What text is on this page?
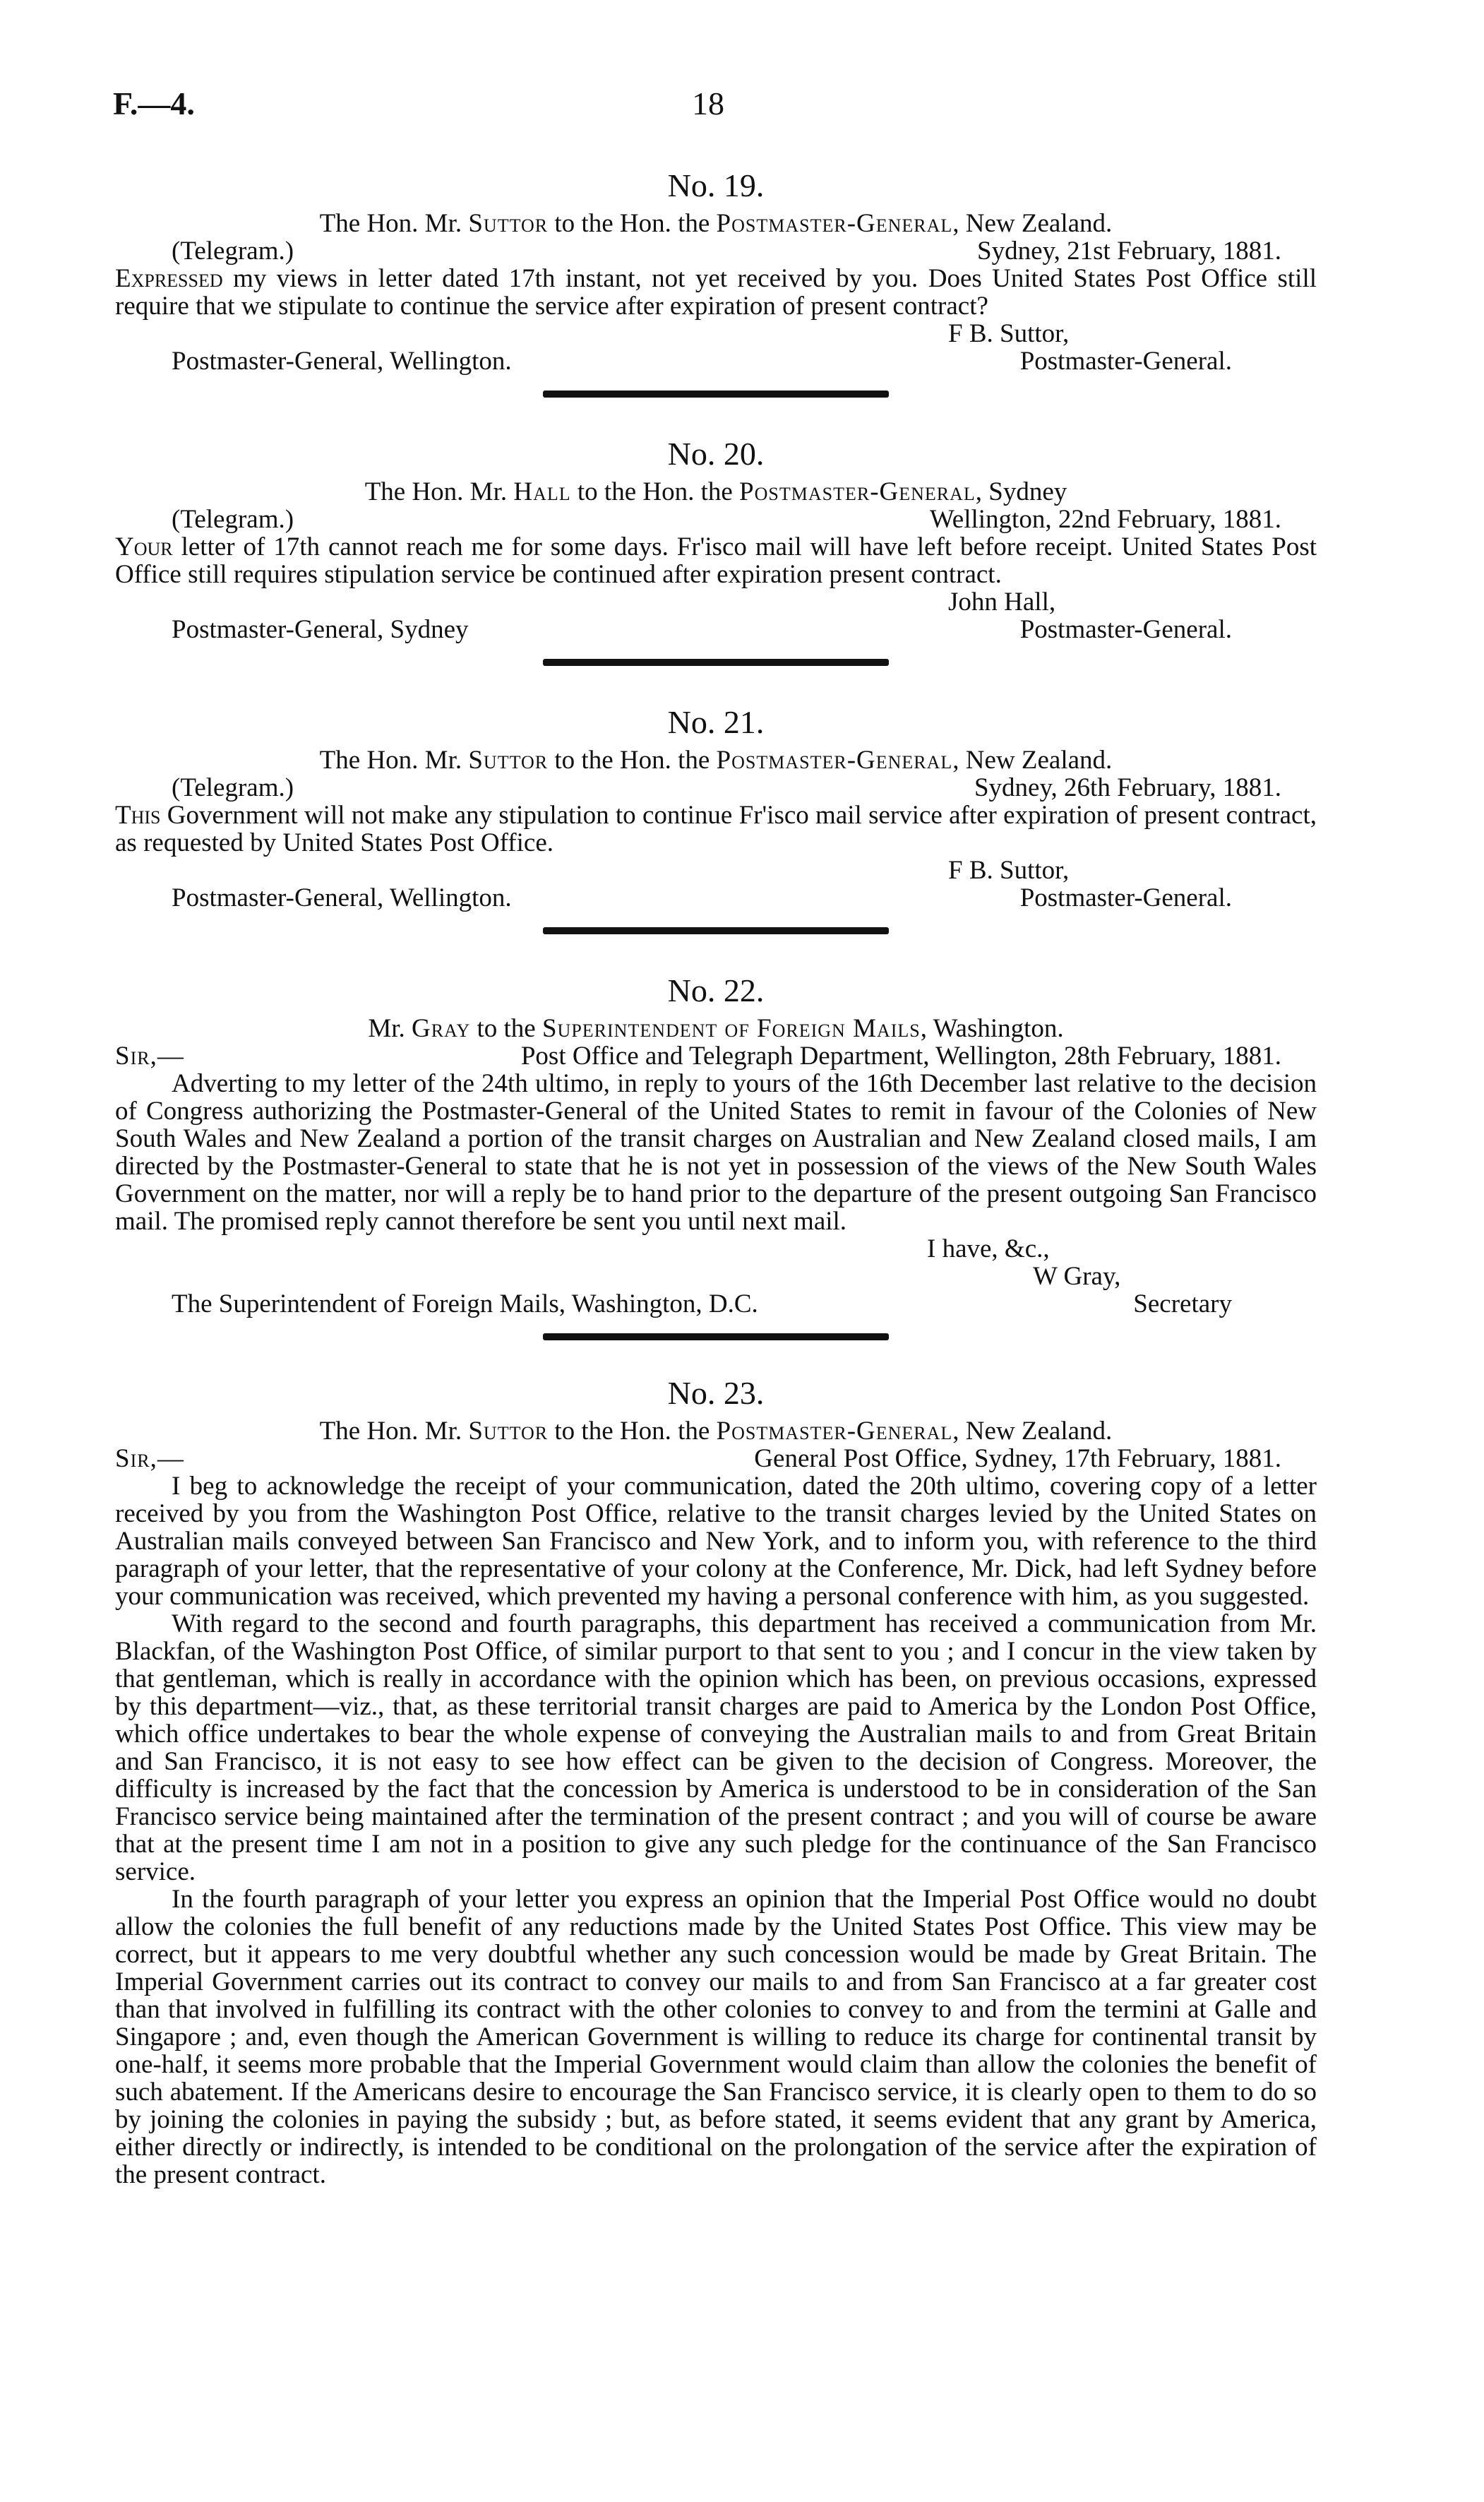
F.—4.	18
No. 19.
The Hon. Mr. Suttor to the Hon. the Postmaster-General, New Zealand.
(Telegram.)	Sydney, 21st February, 1881.

Expressed my views in letter dated 17th instant, not yet received by you. Does United States Post Office still require that we stipulate to continue the service after expiration of present contract?

F B. Suttor,
Postmaster-General, Wellington.	Postmaster-General.
No. 20.
The Hon. Mr. Hall to the Hon. the Postmaster-General, Sydney
(Telegram.)	Wellington, 22nd February, 1881.

Your letter of 17th cannot reach me for some days. Fr'isco mail will have left before receipt. United States Post Office still requires stipulation service be continued after expiration present contract.

John Hall,
Postmaster-General, Sydney	Postmaster-General.
No. 21.
The Hon. Mr. Suttor to the Hon. the Postmaster-General, New Zealand.
(Telegram.)	Sydney, 26th February, 1881.

This Government will not make any stipulation to continue Fr'isco mail service after expiration of present contract, as requested by United States Post Office.

F B. Suttor,
Postmaster-General, Wellington.	Postmaster-General.
No. 22.
Mr. Gray to the Superintendent of Foreign Mails, Washington.
Sir,—	Post Office and Telegraph Department, Wellington, 28th February, 1881.

Adverting to my letter of the 24th ultimo, in reply to yours of the 16th December last relative to the decision of Congress authorizing the Postmaster-General of the United States to remit in favour of the Colonies of New South Wales and New Zealand a portion of the transit charges on Australian and New Zealand closed mails, I am directed by the Postmaster-General to state that he is not yet in possession of the views of the New South Wales Government on the matter, nor will a reply be to hand prior to the departure of the present outgoing San Francisco mail. The promised reply cannot therefore be sent you until next mail.

I have, &c.,
W Gray,
The Superintendent of Foreign Mails, Washington, D.C.	Secretary
No. 23.
The Hon. Mr. Suttor to the Hon. the Postmaster-General, New Zealand.
Sir,—	General Post Office, Sydney, 17th February, 1881.

I beg to acknowledge the receipt of your communication, dated the 20th ultimo, covering copy of a letter received by you from the Washington Post Office, relative to the transit charges levied by the United States on Australian mails conveyed between San Francisco and New York, and to inform you, with reference to the third paragraph of your letter, that the representative of your colony at the Conference, Mr. Dick, had left Sydney before your communication was received, which prevented my having a personal conference with him, as you suggested.

With regard to the second and fourth paragraphs, this department has received a communication from Mr. Blackfan, of the Washington Post Office, of similar purport to that sent to you ; and I concur in the view taken by that gentleman, which is really in accordance with the opinion which has been, on previous occasions, expressed by this department—viz., that, as these territorial transit charges are paid to America by the London Post Office, which office undertakes to bear the whole expense of conveying the Australian mails to and from Great Britain and San Francisco, it is not easy to see how effect can be given to the decision of Congress. Moreover, the difficulty is increased by the fact that the concession by America is understood to be in consideration of the San Francisco service being maintained after the termination of the present contract ; and you will of course be aware that at the present time I am not in a position to give any such pledge for the continuance of the San Francisco service.

In the fourth paragraph of your letter you express an opinion that the Imperial Post Office would no doubt allow the colonies the full benefit of any reductions made by the United States Post Office. This view may be correct, but it appears to me very doubtful whether any such concession would be made by Great Britain. The Imperial Government carries out its contract to convey our mails to and from San Francisco at a far greater cost than that involved in fulfilling its contract with the other colonies to convey to and from the termini at Galle and Singapore ; and, even though the American Government is willing to reduce its charge for continental transit by one-half, it seems more probable that the Imperial Government would claim than allow the colonies the benefit of such abatement. If the Americans desire to encourage the San Francisco service, it is clearly open to them to do so by joining the colonies in paying the subsidy ; but, as before stated, it seems evident that any grant by America, either directly or indirectly, is intended to be conditional on the prolongation of the service after the expiration of the present contract.
